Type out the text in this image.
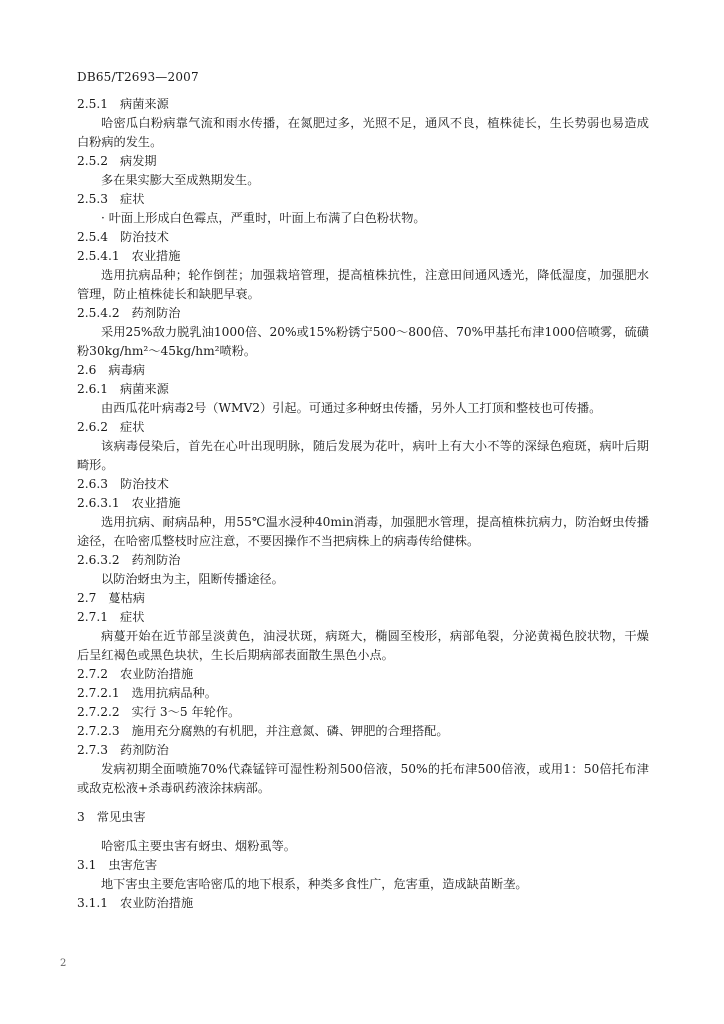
DB65/T2693—2007
2.5.1 病菌来源
哈密瓜白粉病靠气流和雨水传播，在氮肥过多，光照不足，通风不良，植株徒长，生长势弱也易造成白粉病的发生。
2.5.2 病发期
多在果实膨大至成熟期发生。
2.5.3 症状
· 叶面上形成白色霉点，严重时，叶面上布满了白色粉状物。
2.5.4 防治技术
2.5.4.1 农业措施
选用抗病品种；轮作倒茬；加强栽培管理，提高植株抗性，注意田间通风透光，降低湿度，加强肥水管理，防止植株徒长和缺肥早衰。
2.5.4.2 药剂防治
采用25%敌力脱乳油1000倍、20%或15%粉锈宁500～800倍、70%甲基托布津1000倍喷雾，硫磺粉30kg/hm²～45kg/hm²喷粉。
2.6 病毒病
2.6.1 病菌来源
由西瓜花叶病毒2号（WMV2）引起。可通过多种蚜虫传播，另外人工打顶和整枝也可传播。
2.6.2 症状
该病毒侵染后，首先在心叶出现明脉，随后发展为花叶，病叶上有大小不等的深绿色疱斑，病叶后期畸形。
2.6.3 防治技术
2.6.3.1 农业措施
选用抗病、耐病品种，用55℃温水浸种40min消毒，加强肥水管理，提高植株抗病力，防治蚜虫传播途径，在哈密瓜整枝时应注意，不要因操作不当把病株上的病毒传给健株。
2.6.3.2 药剂防治
以防治蚜虫为主，阻断传播途径。
2.7 蔓枯病
2.7.1 症状
病蔓开始在近节部呈淡黄色，油浸状斑，病斑大，椭圆至梭形，病部龟裂，分泌黄褐色胶状物，干燥后呈红褐色或黑色块状，生长后期病部表面散生黑色小点。
2.7.2 农业防治措施
2.7.2.1 选用抗病品种。
2.7.2.2 实行 3～5 年轮作。
2.7.2.3 施用充分腐熟的有机肥，并注意氮、磷、钾肥的合理搭配。
2.7.3 药剂防治
发病初期全面喷施70%代森锰锌可湿性粉剂500倍液，50%的托布津500倍液，或用1：50倍托布津或敌克松液+杀毒矾药液涂抹病部。
3 常见虫害
哈密瓜主要虫害有蚜虫、烟粉虱等。
3.1 虫害危害
地下害虫主要危害哈密瓜的地下根系，种类多食性广，危害重，造成缺苗断垄。
3.1.1 农业防治措施
2
